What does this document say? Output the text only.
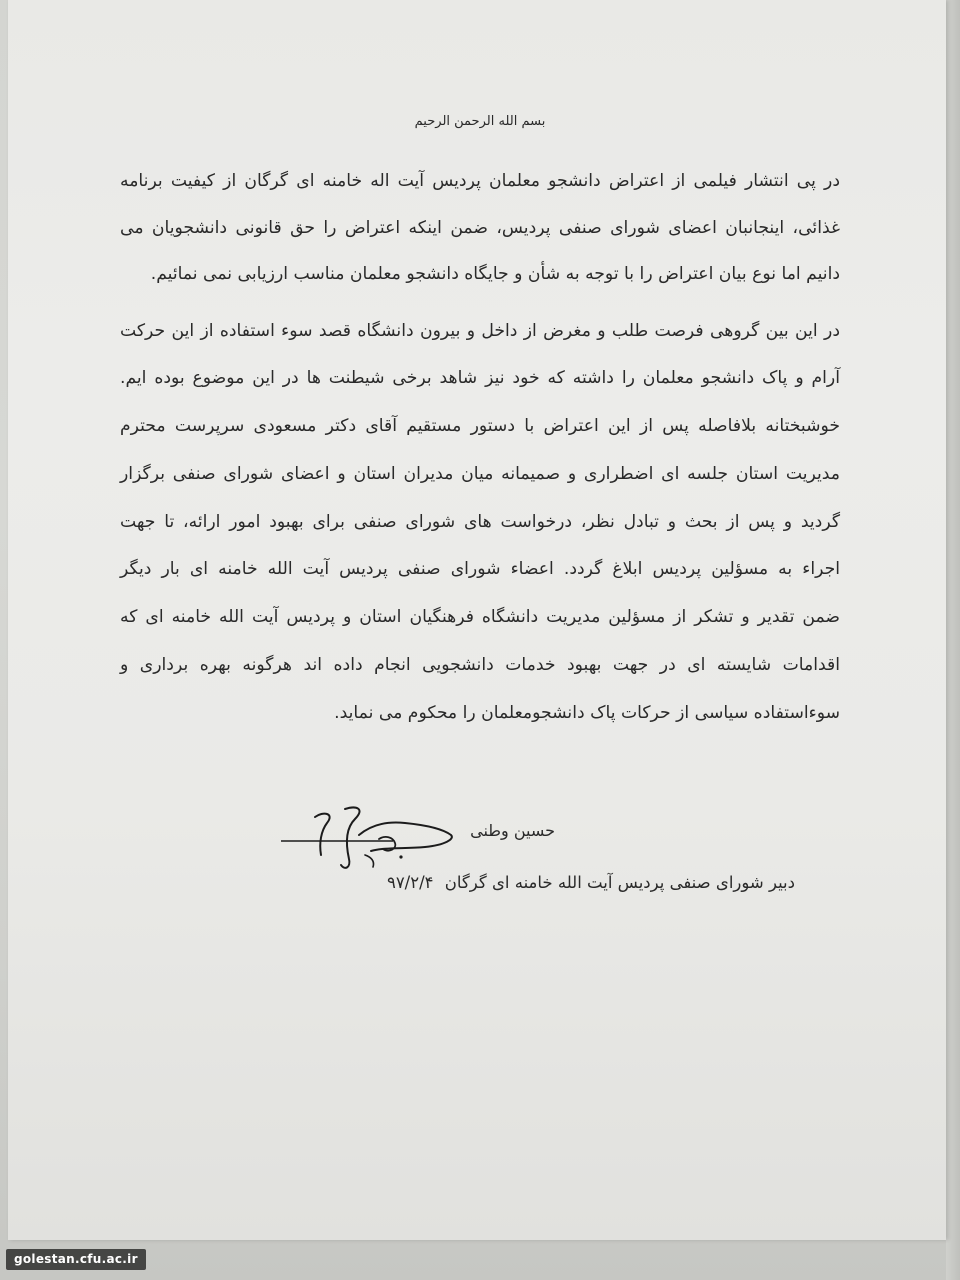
بسم الله الرحمن الرحیم
در پی انتشار فیلمی از اعتراض دانشجو معلمان پردیس آیت اله خامنه ای گرگان از کیفیت برنامه
غذائی، اینجانبان اعضای شورای صنفی پردیس، ضمن اینکه اعتراض را حق قانونی دانشجویان می
دانیم اما نوع بیان اعتراض را با توجه به شأن و جایگاه دانشجو معلمان مناسب ارزیابی نمی نمائیم.
در این بین گروهی فرصت طلب و مغرض از داخل و بیرون دانشگاه قصد سوء استفاده از این حرکت
آرام و پاک دانشجو معلمان را داشته که خود نیز شاهد برخی شیطنت ها در این موضوع بوده ایم.
خوشبختانه بلافاصله پس از این اعتراض با دستور مستقیم آقای دکتر مسعودی سرپرست محترم
مدیریت استان جلسه ای اضطراری و صمیمانه میان مدیران استان و اعضای شورای صنفی برگزار
گردید و پس از بحث و تبادل نظر، درخواست های شورای صنفی برای بهبود امور ارائه، تا جهت
اجراء به مسؤلین پردیس ابلاغ گردد. اعضاء شورای صنفی پردیس آیت الله خامنه ای بار دیگر
ضمن تقدیر و تشکر از مسؤلین مدیریت دانشگاه فرهنگیان استان و پردیس آیت الله خامنه ای که
اقدامات شایسته ای در جهت بهبود خدمات دانشجویی انجام داده اند هرگونه بهره برداری و
سوءاستفاده سیاسی از حرکات پاک دانشجومعلمان را محکوم می نماید.
حسین وطنی
دبیر شورای صنفی پردیس آیت الله خامنه ای گرگان ۹۷/۲/۴
golestan.cfu.ac.ir
